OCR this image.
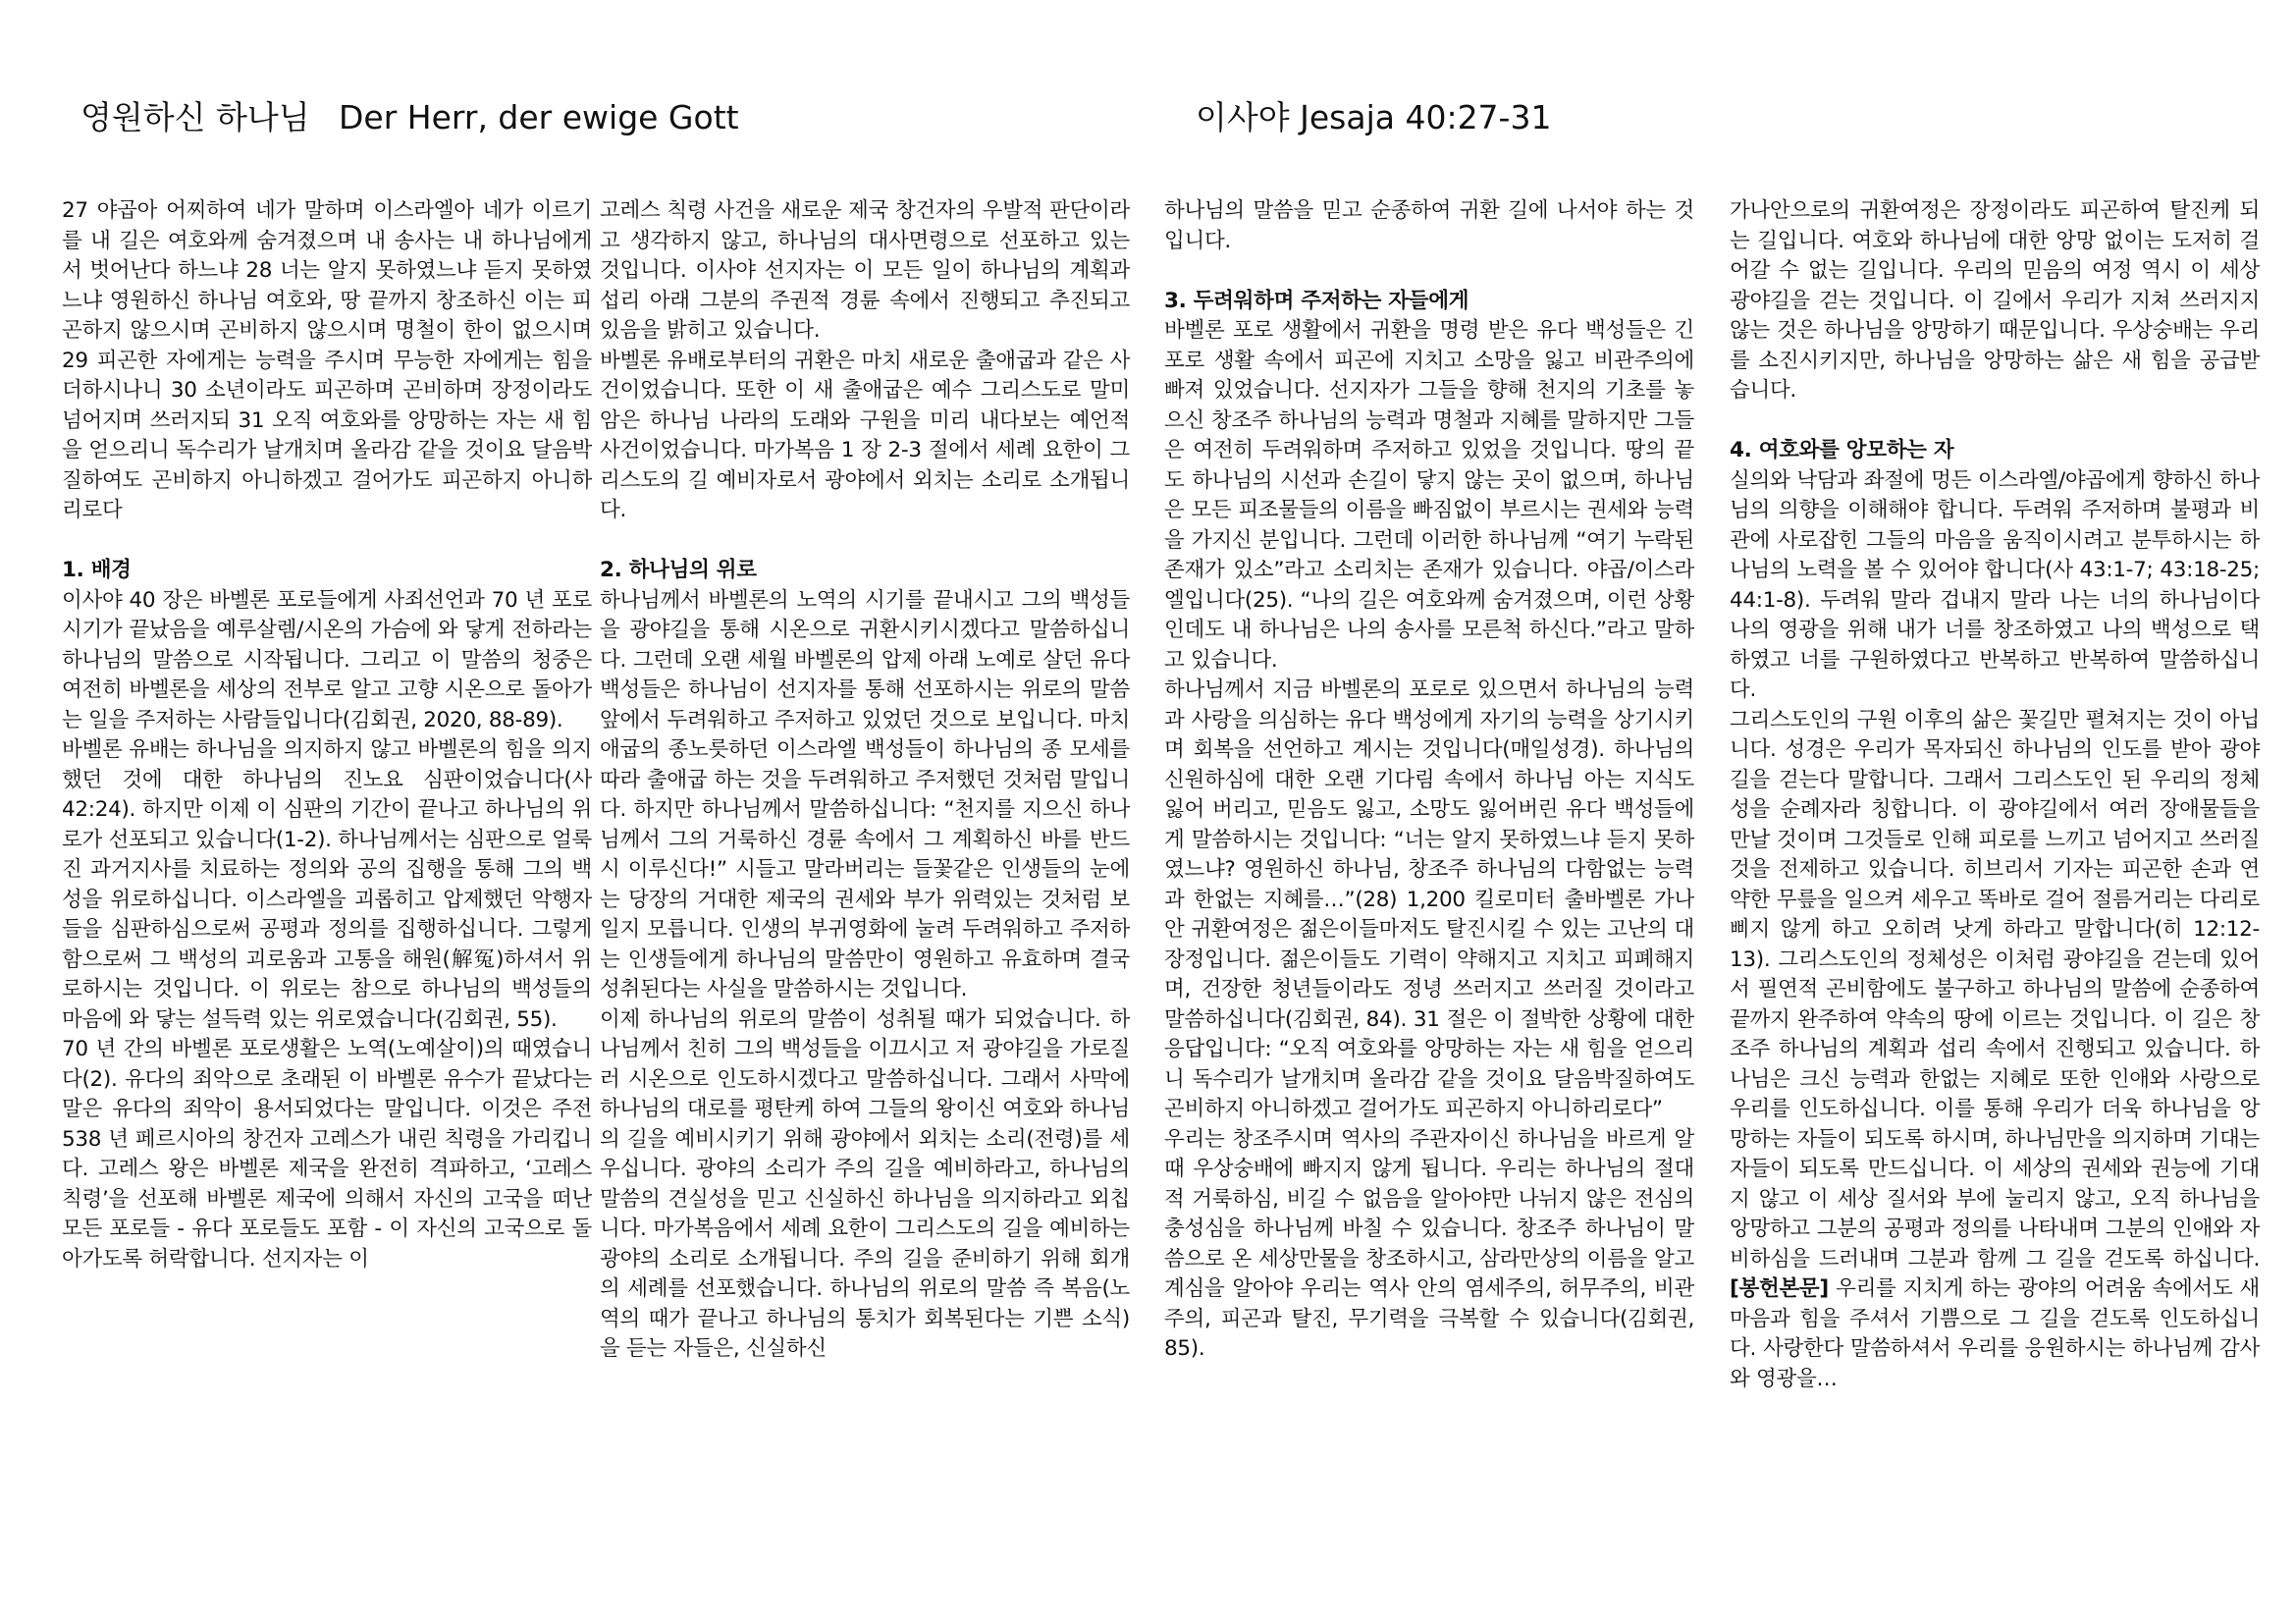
영원하신 하나님 Der Herr, der ewige Gott	이사야 Jesaja 40:27-31

27 야곱아 어찌하여 네가 말하며 이스라엘아 네가 이르기를 내 길은 여호와께 숨겨졌으며 내 송사는 내 하나님에게서 벗어난다 하느냐 28 너는 알지 못하였느냐 듣지 못하였느냐 영원하신 하나님 여호와, 땅 끝까지 창조하신 이는 피곤하지 않으시며 곤비하지 않으시며 명철이 한이 없으시며 29 피곤한 자에게는 능력을 주시며 무능한 자에게는 힘을 더하시나니 30 소년이라도 피곤하며 곤비하며 장정이라도 넘어지며 쓰러지되 31 오직 여호와를 앙망하는 자는 새 힘을 얻으리니 독수리가 날개치며 올라감 같을 것이요 달음박질하여도 곤비하지 아니하겠고 걸어가도 피곤하지 아니하리로다

1. 배경

이사야 40 장은 바벨론 포로들에게 사죄선언과 70 년 포로 시기가 끝났음을 예루살렘/시온의 가슴에 와 닿게 전하라는 하나님의 말씀으로 시작됩니다. 그리고 이 말씀의 청중은 여전히 바벨론을 세상의 전부로 알고 고향 시온으로 돌아가는 일을 주저하는 사람들입니다(김회권, 2020, 88-89).

바벨론 유배는 하나님을 의지하지 않고 바벨론의 힘을 의지했던 것에 대한 하나님의 진노요 심판이었습니다(사 42:24). 하지만 이제 이 심판의 기간이 끝나고 하나님의 위로가 선포되고 있습니다(1-2). 하나님께서는 심판으로 얼룩진 과거지사를 치료하는 정의와 공의 집행을 통해 그의 백성을 위로하십니다. 이스라엘을 괴롭히고 압제했던 악행자들을 심판하심으로써 공평과 정의를 집행하십니다. 그렇게 함으로써 그 백성의 괴로움과 고통을 해원(解冤)하셔서 위로하시는 것입니다. 이 위로는 참으로 하나님의 백성들의 마음에 와 닿는 설득력 있는 위로였습니다(김회권, 55).

70 년 간의 바벨론 포로생활은 노역(노예살이)의 때였습니다(2). 유다의 죄악으로 초래된 이 바벨론 유수가 끝났다는 말은 유다의 죄악이 용서되었다는 말입니다. 이것은 주전 538 년 페르시아의 창건자 고레스가 내린 칙령을 가리킵니다. 고레스 왕은 바벨론 제국을 완전히 격파하고, ‘고레스 칙령’을 선포해 바벨론 제국에 의해서 자신의 고국을 떠난 모든 포로들 - 유다 포로들도 포함 - 이 자신의 고국으로 돌아가도록 허락합니다. 선지자는 이

고레스 칙령 사건을 새로운 제국 창건자의 우발적 판단이라고 생각하지 않고, 하나님의 대사면령으로 선포하고 있는 것입니다. 이사야 선지자는 이 모든 일이 하나님의 계획과 섭리 아래 그분의 주권적 경륜 속에서 진행되고 추진되고 있음을 밝히고 있습니다.

바벨론 유배로부터의 귀환은 마치 새로운 출애굽과 같은 사건이었습니다. 또한 이 새 출애굽은 예수 그리스도로 말미암은 하나님 나라의 도래와 구원을 미리 내다보는 예언적 사건이었습니다. 마가복음 1 장 2-3 절에서 세례 요한이 그리스도의 길 예비자로서 광야에서 외치는 소리로 소개됩니다.

2. 하나님의 위로

하나님께서 바벨론의 노역의 시기를 끝내시고 그의 백성들을 광야길을 통해 시온으로 귀환시키시겠다고 말씀하십니다. 그런데 오랜 세월 바벨론의 압제 아래 노예로 살던 유다 백성들은 하나님이 선지자를 통해 선포하시는 위로의 말씀 앞에서 두려워하고 주저하고 있었던 것으로 보입니다. 마치 애굽의 종노릇하던 이스라엘 백성들이 하나님의 종 모세를 따라 출애굽 하는 것을 두려워하고 주저했던 것처럼 말입니다. 하지만 하나님께서 말씀하십니다: “천지를 지으신 하나님께서 그의 거룩하신 경륜 속에서 그 계획하신 바를 반드시 이루신다!” 시들고 말라버리는 들꽃같은 인생들의 눈에는 당장의 거대한 제국의 권세와 부가 위력있는 것처럼 보일지 모릅니다. 인생의 부귀영화에 눌려 두려워하고 주저하는 인생들에게 하나님의 말씀만이 영원하고 유효하며 결국 성취된다는 사실을 말씀하시는 것입니다.

이제 하나님의 위로의 말씀이 성취될 때가 되었습니다. 하나님께서 친히 그의 백성들을 이끄시고 저 광야길을 가로질러 시온으로 인도하시겠다고 말씀하십니다. 그래서 사막에 하나님의 대로를 평탄케 하여 그들의 왕이신 여호와 하나님의 길을 예비시키기 위해 광야에서 외치는 소리(전령)를 세우십니다. 광야의 소리가 주의 길을 예비하라고, 하나님의 말씀의 견실성을 믿고 신실하신 하나님을 의지하라고 외칩니다. 마가복음에서 세례 요한이 그리스도의 길을 예비하는 광야의 소리로 소개됩니다. 주의 길을 준비하기 위해 회개의 세례를 선포했습니다. 하나님의 위로의 말씀 즉 복음(노역의 때가 끝나고 하나님의 통치가 회복된다는 기쁜 소식)을 듣는 자들은, 신실하신

하나님의 말씀을 믿고 순종하여 귀환 길에 나서야 하는 것입니다.

3. 두려워하며 주저하는 자들에게

바벨론 포로 생활에서 귀환을 명령 받은 유다 백성들은 긴 포로 생활 속에서 피곤에 지치고 소망을 잃고 비관주의에 빠져 있었습니다. 선지자가 그들을 향해 천지의 기초를 놓으신 창조주 하나님의 능력과 명철과 지혜를 말하지만 그들은 여전히 두려워하며 주저하고 있었을 것입니다. 땅의 끝도 하나님의 시선과 손길이 닿지 않는 곳이 없으며, 하나님은 모든 피조물들의 이름을 빠짐없이 부르시는 권세와 능력을 가지신 분입니다. 그런데 이러한 하나님께 “여기 누락된 존재가 있소”라고 소리치는 존재가 있습니다. 야곱/이스라엘입니다(25). “나의 길은 여호와께 숨겨졌으며, 이런 상황인데도 내 하나님은 나의 송사를 모른척 하신다.”라고 말하고 있습니다.

하나님께서 지금 바벨론의 포로로 있으면서 하나님의 능력과 사랑을 의심하는 유다 백성에게 자기의 능력을 상기시키며 회복을 선언하고 계시는 것입니다(매일성경). 하나님의 신원하심에 대한 오랜 기다림 속에서 하나님 아는 지식도 잃어 버리고, 믿음도 잃고, 소망도 잃어버린 유다 백성들에게 말씀하시는 것입니다: “너는 알지 못하였느냐 듣지 못하였느냐? 영원하신 하나님, 창조주 하나님의 다함없는 능력과 한없는 지혜를…”(28) 1,200 킬로미터 출바벨론 가나안 귀환여정은 젊은이들마저도 탈진시킬 수 있는 고난의 대장정입니다. 젊은이들도 기력이 약해지고 지치고 피폐해지며, 건장한 청년들이라도 정녕 쓰러지고 쓰러질 것이라고 말씀하십니다(김회권, 84). 31 절은 이 절박한 상황에 대한 응답입니다: “오직 여호와를 앙망하는 자는 새 힘을 얻으리니 독수리가 날개치며 올라감 같을 것이요 달음박질하여도 곤비하지 아니하겠고 걸어가도 피곤하지 아니하리로다”

우리는 창조주시며 역사의 주관자이신 하나님을 바르게 알 때 우상숭배에 빠지지 않게 됩니다. 우리는 하나님의 절대적 거룩하심, 비길 수 없음을 알아야만 나뉘지 않은 전심의 충성심을 하나님께 바칠 수 있습니다. 창조주 하나님이 말씀으로 온 세상만물을 창조하시고, 삼라만상의 이름을 알고 계심을 알아야 우리는 역사 안의 염세주의, 허무주의, 비관주의, 피곤과 탈진, 무기력을 극복할 수 있습니다(김회권, 85).

가나안으로의 귀환여정은 장정이라도 피곤하여 탈진케 되는 길입니다. 여호와 하나님에 대한 앙망 없이는 도저히 걸어갈 수 없는 길입니다. 우리의 믿음의 여정 역시 이 세상 광야길을 걷는 것입니다. 이 길에서 우리가 지쳐 쓰러지지 않는 것은 하나님을 앙망하기 때문입니다. 우상숭배는 우리를 소진시키지만, 하나님을 앙망하는 삶은 새 힘을 공급받습니다.

4. 여호와를 앙모하는 자

실의와 낙담과 좌절에 멍든 이스라엘/야곱에게 향하신 하나님의 의향을 이해해야 합니다. 두려워 주저하며 불평과 비관에 사로잡힌 그들의 마음을 움직이시려고 분투하시는 하나님의 노력을 볼 수 있어야 합니다(사 43:1-7; 43:18-25; 44:1-8). 두려워 말라 겁내지 말라 나는 너의 하나님이다 나의 영광을 위해 내가 너를 창조하였고 나의 백성으로 택하였고 너를 구원하였다고 반복하고 반복하여 말씀하십니다.

그리스도인의 구원 이후의 삶은 꽃길만 펼쳐지는 것이 아닙니다. 성경은 우리가 목자되신 하나님의 인도를 받아 광야길을 걷는다 말합니다. 그래서 그리스도인 된 우리의 정체성을 순례자라 칭합니다. 이 광야길에서 여러 장애물들을 만날 것이며 그것들로 인해 피로를 느끼고 넘어지고 쓰러질 것을 전제하고 있습니다. 히브리서 기자는 피곤한 손과 연약한 무릎을 일으켜 세우고 똑바로 걸어 절름거리는 다리로 삐지 않게 하고 오히려 낫게 하라고 말합니다(히 12:12-13). 그리스도인의 정체성은 이처럼 광야길을 걷는데 있어서 필연적 곤비함에도 불구하고 하나님의 말씀에 순종하여 끝까지 완주하여 약속의 땅에 이르는 것입니다. 이 길은 창조주 하나님의 계획과 섭리 속에서 진행되고 있습니다. 하나님은 크신 능력과 한없는 지혜로 또한 인애와 사랑으로 우리를 인도하십니다. 이를 통해 우리가 더욱 하나님을 앙망하는 자들이 되도록 하시며, 하나님만을 의지하며 기대는 자들이 되도록 만드십니다. 이 세상의 권세와 권능에 기대지 않고 이 세상 질서와 부에 눌리지 않고, 오직 하나님을 앙망하고 그분의 공평과 정의를 나타내며 그분의 인애와 자비하심을 드러내며 그분과 함께 그 길을 걷도록 하십니다. [봉헌본문] 우리를 지치게 하는 광야의 어려움 속에서도 새 마음과 힘을 주셔서 기쁨으로 그 길을 걷도록 인도하십니다. 사랑한다 말씀하셔서 우리를 응원하시는 하나님께 감사와 영광을…
